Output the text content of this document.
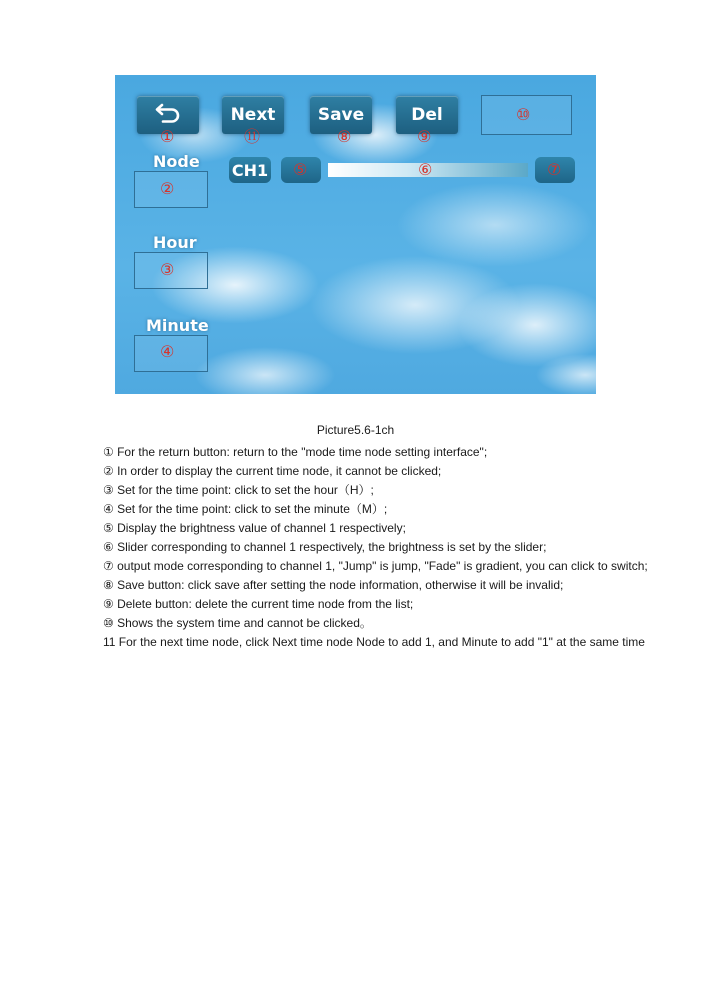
Next	Save	Del	⑩
①	⑪	⑧	⑨
Node
②
Hour
③
Minute
④
CH1 ⑤	⑥	⑦
Picture5.6-1ch
① For the return button: return to the "mode time node setting interface";
② In order to display the current time node, it cannot be clicked;
③ Set for the time point: click to set the hour（H）;
④ Set for the time point: click to set the minute（M）;
⑤ Display the brightness value of channel 1 respectively;
⑥ Slider corresponding to channel 1 respectively, the brightness is set by the slider;
⑦ output mode corresponding to channel 1, "Jump" is jump, "Fade" is gradient, you can click to switch;
⑧ Save button: click save after setting the node information, otherwise it will be invalid;
⑨ Delete button: delete the current time node from the list;
⑩ Shows the system time and cannot be clicked。
11 For the next time node, click Next time node Node to add 1, and Minute to add "1" at the same time
